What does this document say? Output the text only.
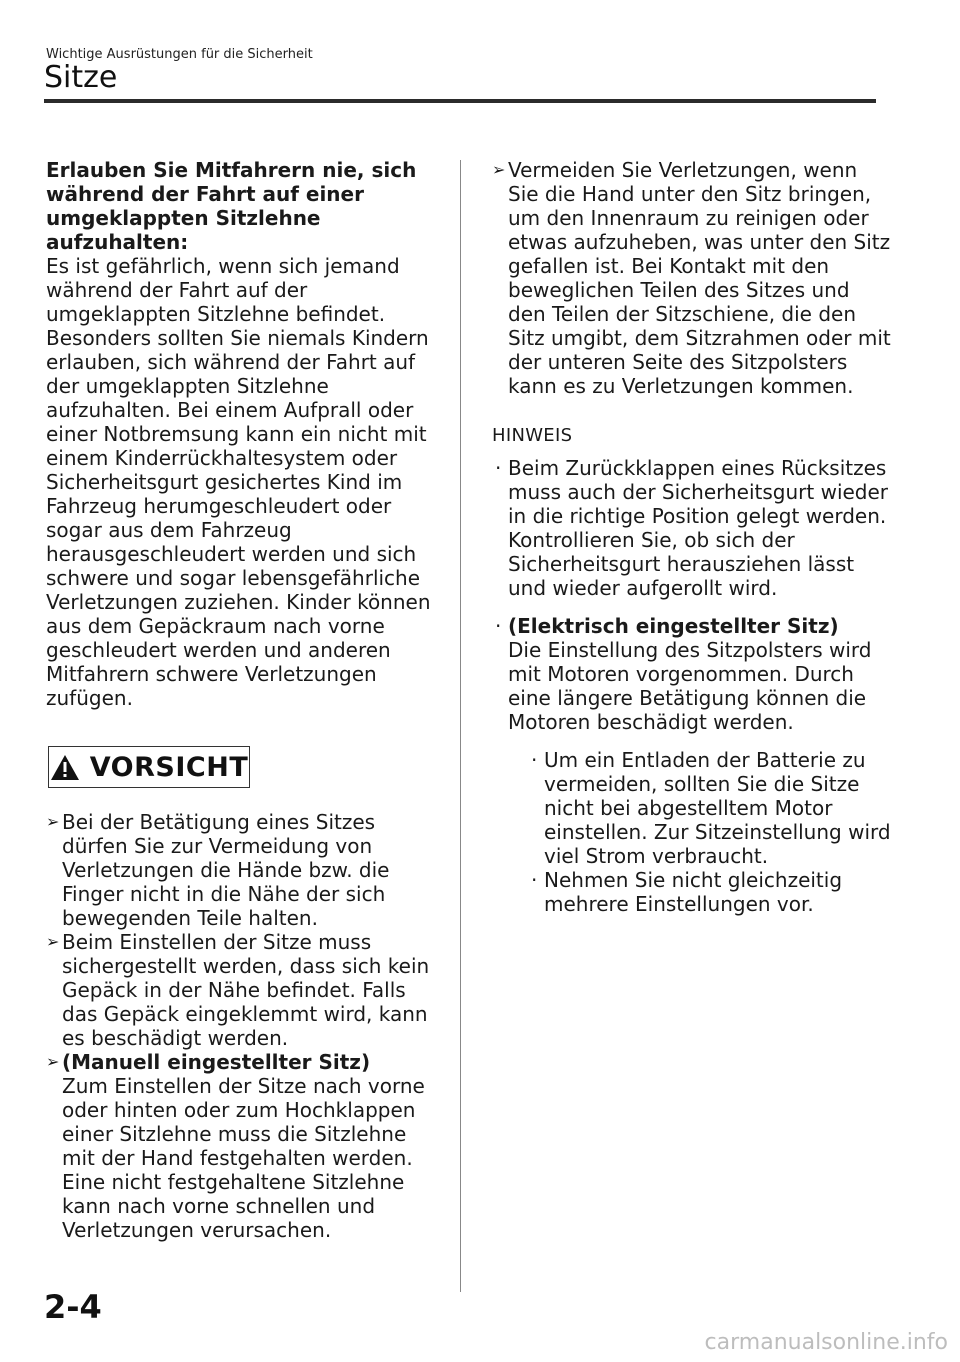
Wichtige Ausrüstungen für die Sicherheit
Sitze

Erlauben Sie Mitfahrern nie, sich während der Fahrt auf einer umgeklappten Sitzlehne aufzuhalten:

Es ist gefährlich, wenn sich jemand während der Fahrt auf der umgeklappten Sitzlehne befindet. Besonders sollten Sie niemals Kindern erlauben, sich während der Fahrt auf der umgeklappten Sitzlehne aufzuhalten. Bei einem Aufprall oder einer Notbremsung kann ein nicht mit einem Kinderrückhaltesystem oder Sicherheitsgurt gesichertes Kind im Fahrzeug herumgeschleudert oder sogar aus dem Fahrzeug herausgeschleudert werden und sich schwere und sogar lebensgefährliche Verletzungen zuziehen. Kinder können aus dem Gepäckraum nach vorne geschleudert werden und anderen Mitfahrern schwere Verletzungen zufügen.

VORSICHT
➢ Bei der Betätigung eines Sitzes dürfen Sie zur Vermeidung von Verletzungen die Hände bzw. die Finger nicht in die Nähe der sich bewegenden Teile halten.
➢ Beim Einstellen der Sitze muss sichergestellt werden, dass sich kein Gepäck in der Nähe befindet. Falls das Gepäck eingeklemmt wird, kann es beschädigt werden.
➢ (Manuell eingestellter Sitz)
Zum Einstellen der Sitze nach vorne oder hinten oder zum Hochklappen einer Sitzlehne muss die Sitzlehne mit der Hand festgehalten werden. Eine nicht festgehaltene Sitzlehne kann nach vorne schnellen und Verletzungen verursachen.
➢ Vermeiden Sie Verletzungen, wenn Sie die Hand unter den Sitz bringen, um den Innenraum zu reinigen oder etwas aufzuheben, was unter den Sitz gefallen ist. Bei Kontakt mit den beweglichen Teilen des Sitzes und den Teilen der Sitzschiene, die den Sitz umgibt, dem Sitzrahmen oder mit der unteren Seite des Sitzpolsters kann es zu Verletzungen kommen.
HINWEIS
· Beim Zurückklappen eines Rücksitzes muss auch der Sicherheitsgurt wieder in die richtige Position gelegt werden. Kontrollieren Sie, ob sich der Sicherheitsgurt herausziehen lässt und wieder aufgerollt wird.
· (Elektrisch eingestellter Sitz)
Die Einstellung des Sitzpolsters wird mit Motoren vorgenommen. Durch eine längere Betätigung können die Motoren beschädigt werden.
· Um ein Entladen der Batterie zu vermeiden, sollten Sie die Sitze nicht bei abgestelltem Motor einstellen. Zur Sitzeinstellung wird viel Strom verbraucht.
· Nehmen Sie nicht gleichzeitig mehrere Einstellungen vor.
2-4
carmanualsonline.info
